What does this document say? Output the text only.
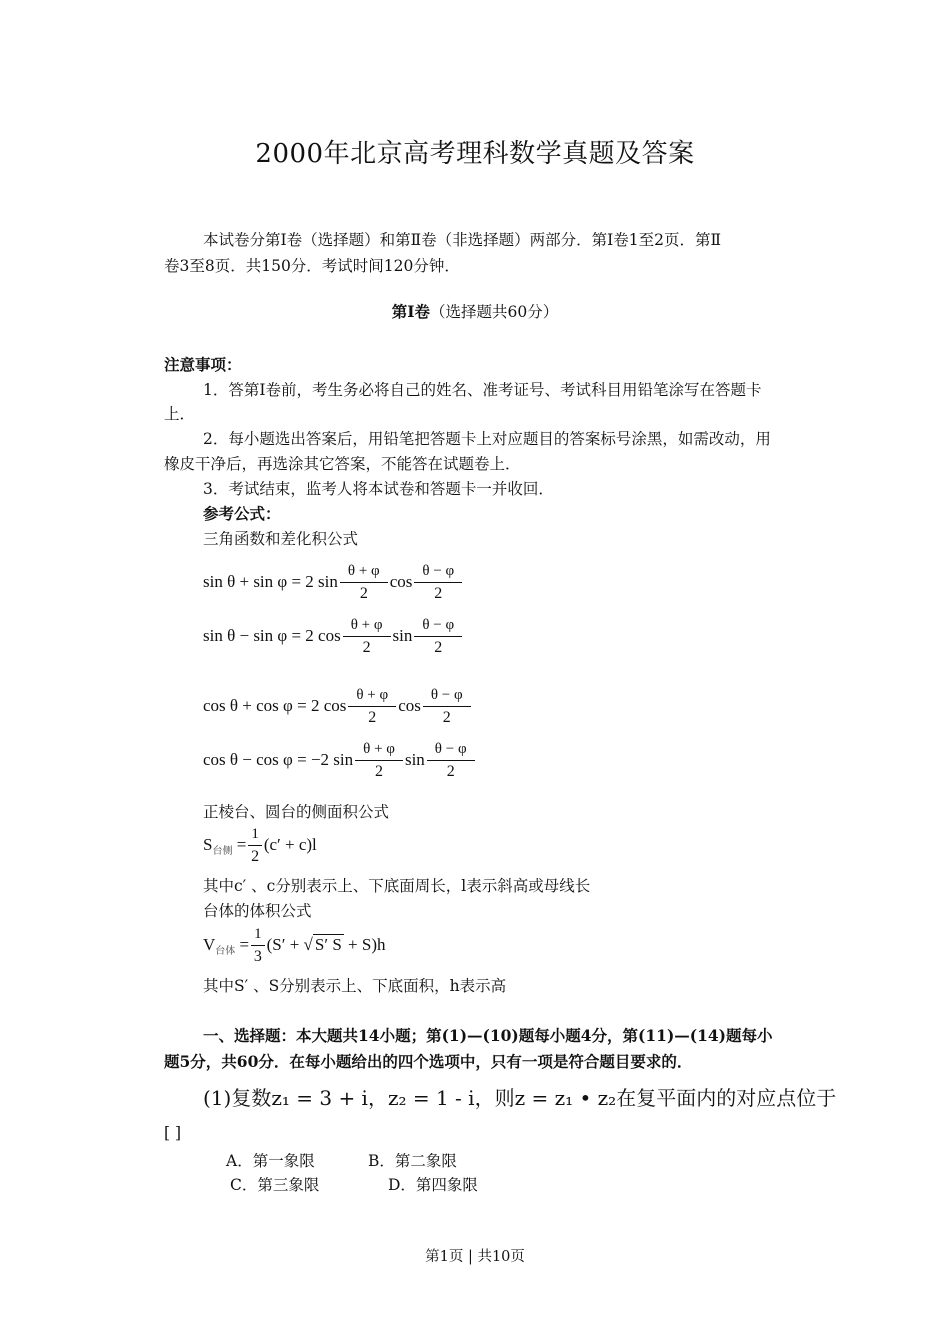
2000年北京高考理科数学真题及答案
本试卷分第Ⅰ卷（选择题）和第Ⅱ卷（非选择题）两部分．第Ⅰ卷1至2页．第Ⅱ
卷3至8页．共150分．考试时间120分钟．
第Ⅰ卷（选择题共60分）
注意事项：
1．答第Ⅰ卷前，考生务必将自己的姓名、准考证号、考试科目用铅笔涂写在答题卡
上．
2．每小题选出答案后，用铅笔把答题卡上对应题目的答案标号涂黑，如需改动，用
橡皮干净后，再选涂其它答案，不能答在试题卷上．
3．考试结束，监考人将本试卷和答题卡一并收回．
参考公式：
三角函数和差化积公式
sin θ + sin φ = 2 $\sin \frac{\theta + \varphi}{2}$ $\cos \frac{\theta - \varphi}{2}$
sin θ − sin φ = 2 $\cos \frac{\theta + \varphi}{2}$ $\sin \frac{\theta - \varphi}{2}$
cos θ + cos φ = 2 $\cos \frac{\theta + \varphi}{2}$ $\cos \frac{\theta - \varphi}{2}$
cos θ − cos φ = −2 $\sin \frac{\theta + \varphi}{2}$ $\sin \frac{\theta - \varphi}{2}$
正棱台、圆台的侧面积公式
$S_{台侧} = \frac{1}{2} (c' + c)l$
其中c′ 、c分别表示上、下底面周长，l表示斜高或母线长
台体的体积公式
$V_{台体} = \frac{1}{3} (S'$ + √ S′ S + S)h
其中S′ 、S分别表示上、下底面积，h表示高
一、选择题：本大题共14小题；第(1)—(10)题每小题4分，第(11)—(14)题每小
题5分，共60分．在每小题给出的四个选项中，只有一项是符合题目要求的．
(1)复数z₁ = 3 + i，z₂ = 1 - i，则z = z₁ • z₂在复平面内的对应点位于
[ ]
A．第一象限	B．第二象限
C．第三象限	D．第四象限
第1页 | 共10页
